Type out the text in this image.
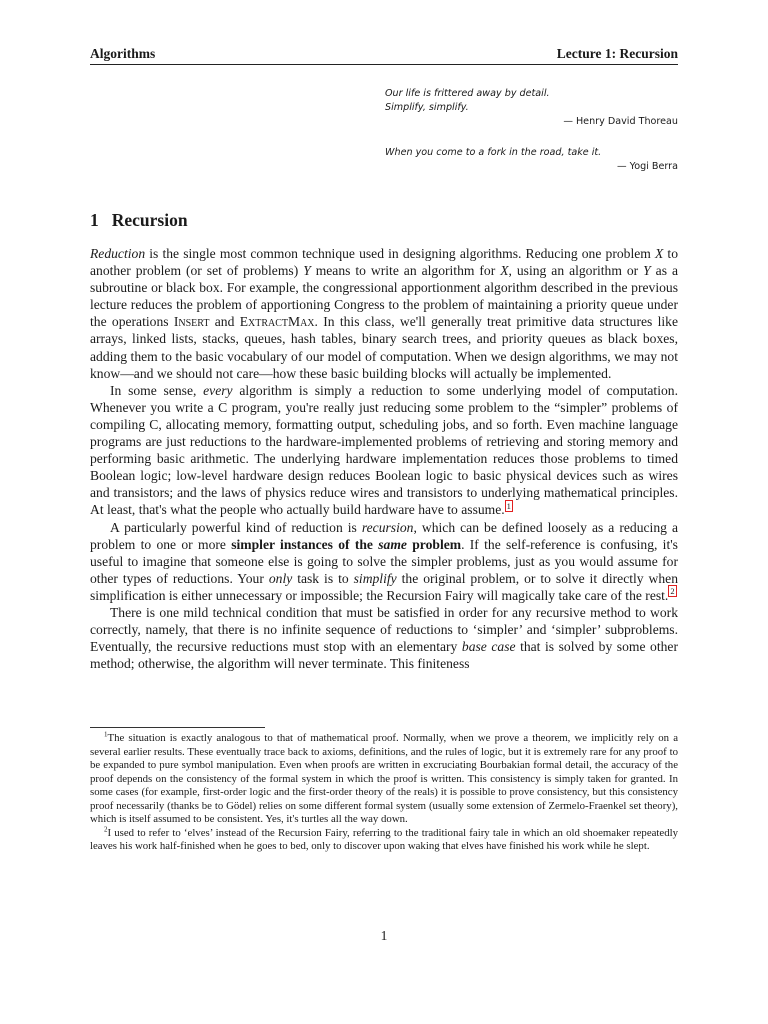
Algorithms	Lecture 1: Recursion
Our life is frittered away by detail.
Simplify, simplify.
— Henry David Thoreau
When you come to a fork in the road, take it.
— Yogi Berra
1 Recursion

Reduction is the single most common technique used in designing algorithms. Reducing one problem X to another problem (or set of problems) Y means to write an algorithm for X, using an algorithm or Y as a subroutine or black box. For example, the congressional apportionment algorithm described in the previous lecture reduces the problem of apportioning Congress to the problem of maintaining a priority queue under the operations Insert and ExtractMax. In this class, we'll generally treat primitive data structures like arrays, linked lists, stacks, queues, hash tables, binary search trees, and priority queues as black boxes, adding them to the basic vocabulary of our model of computation. When we design algorithms, we may not know—and we should not care—how these basic building blocks will actually be implemented.

In some sense, every algorithm is simply a reduction to some underlying model of computation. Whenever you write a C program, you're really just reducing some problem to the “simpler” problems of compiling C, allocating memory, formatting output, scheduling jobs, and so forth. Even machine language programs are just reductions to the hardware-implemented problems of retrieving and storing memory and performing basic arithmetic. The underlying hardware implementation reduces those problems to timed Boolean logic; low-level hardware design reduces Boolean logic to basic physical devices such as wires and transistors; and the laws of physics reduce wires and transistors to underlying mathematical principles. At least, that's what the people who actually build hardware have to assume. $^1$

A particularly powerful kind of reduction is recursion, which can be defined loosely as a reducing a problem to one or more simpler instances of the same problem. If the self-reference is confusing, it's useful to imagine that someone else is going to solve the simpler problems, just as you would assume for other types of reductions. Your only task is to simplify the original problem, or to solve it directly when simplification is either unnecessary or impossible; the Recursion Fairy will magically take care of the rest. $^2$

There is one mild technical condition that must be satisfied in order for any recursive method to work correctly, namely, that there is no infinite sequence of reductions to ‘simpler’ and ‘simpler’ subproblems. Eventually, the recursive reductions must stop with an elementary base case that is solved by some other method; otherwise, the algorithm will never terminate. This finiteness

$^1$The situation is exactly analogous to that of mathematical proof. Normally, when we prove a theorem, we implicitly rely on a several earlier results. These eventually trace back to axioms, definitions, and the rules of logic, but it is extremely rare for any proof to be expanded to pure symbol manipulation. Even when proofs are written in excruciating Bourbakian formal detail, the accuracy of the proof depends on the consistency of the formal system in which the proof is written. This consistency is simply taken for granted. In some cases (for example, first-order logic and the first-order theory of the reals) it is possible to prove consistency, but this consistency proof necessarily (thanks be to Gödel) relies on some different formal system (usually some extension of Zermelo-Fraenkel set theory), which is itself assumed to be consistent. Yes, it's turtles all the way down.

$^2$I used to refer to ‘elves’ instead of the Recursion Fairy, referring to the traditional fairy tale in which an old shoemaker repeatedly leaves his work half-finished when he goes to bed, only to discover upon waking that elves have finished his work while he slept.

1
